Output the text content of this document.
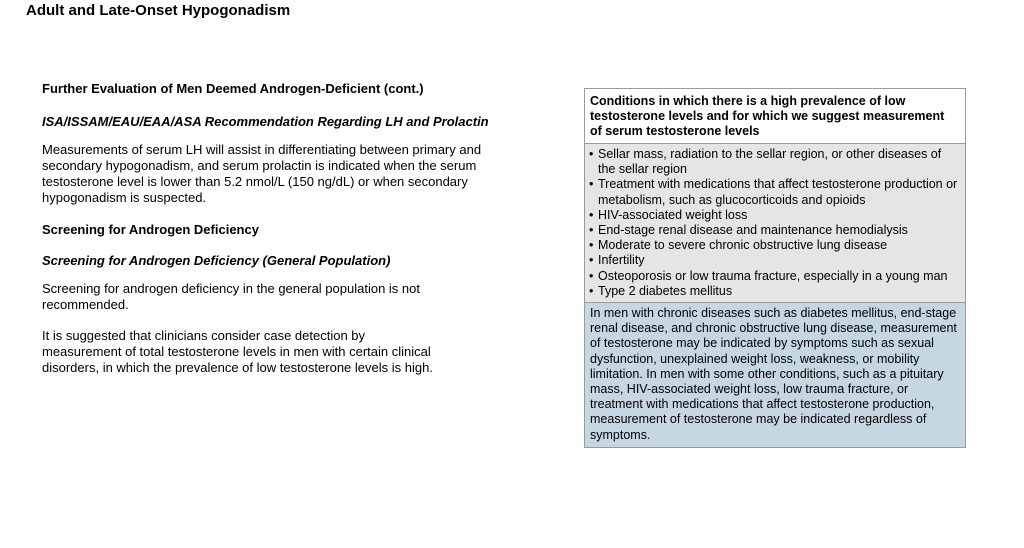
Adult and Late-Onset Hypogonadism

Further Evaluation of Men Deemed Androgen-Deficient (cont.)

ISA/ISSAM/EAU/EAA/ASA Recommendation Regarding LH and Prolactin

Measurements of serum LH will assist in differentiating between primary and secondary hypogonadism, and serum prolactin is indicated when the serum testosterone level is lower than 5.2 nmol/L (150 ng/dL) or when secondary hypogonadism is suspected.

Screening for Androgen Deficiency

Screening for Androgen Deficiency (General Population)

Screening for androgen deficiency in the general population is not recommended.

It is suggested that clinicians consider case detection by measurement of total testosterone levels in men with certain clinical disorders, in which the prevalence of low testosterone levels is high.

Conditions in which there is a high prevalence of low testosterone levels and for which we suggest measurement of serum testosterone levels
• Sellar mass, radiation to the sellar region, or other diseases of the sellar region
• Treatment with medications that affect testosterone production or metabolism, such as glucocorticoids and opioids
• HIV-associated weight loss
• End-stage renal disease and maintenance hemodialysis
• Moderate to severe chronic obstructive lung disease
• Infertility
• Osteoporosis or low trauma fracture, especially in a young man
• Type 2 diabetes mellitus
In men with chronic diseases such as diabetes mellitus, end-stage renal disease, and chronic obstructive lung disease, measurement of testosterone may be indicated by symptoms such as sexual dysfunction, unexplained weight loss, weakness, or mobility limitation. In men with some other conditions, such as a pituitary mass, HIV-associated weight loss, low trauma fracture, or treatment with medications that affect testosterone production, measurement of testosterone may be indicated regardless of symptoms.
